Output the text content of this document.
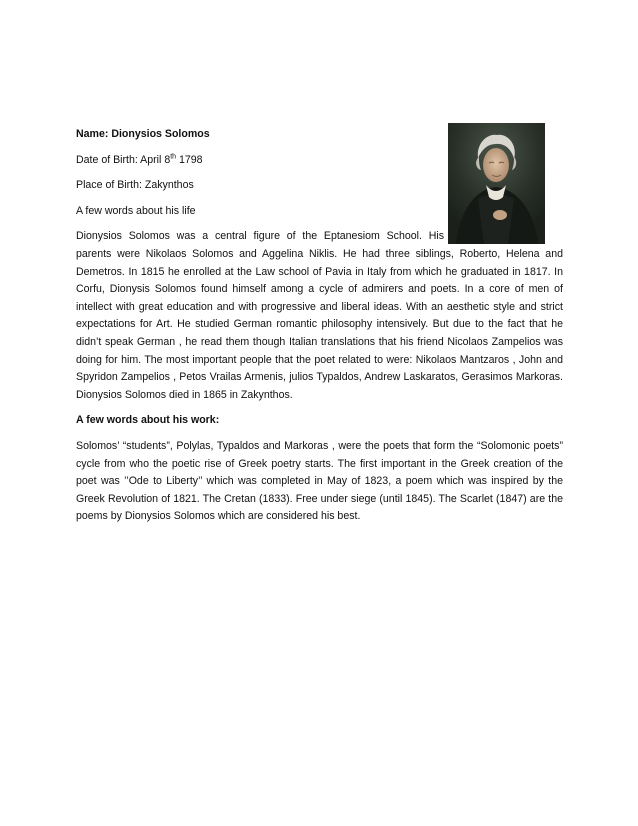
Name: Dionysios Solomos
Date of Birth: April 8th 1798
Place of Birth: Zakynthos
A few words about his life
Dionysios Solomos was a central figure of the Eptanesiom School. His
parents were Nikolaos Solomos and Aggelina Niklis. He had three siblings, Roberto, Helena and Demetros. In 1815 he enrolled at the Law school of Pavia in Italy from which he graduated in 1817. In Corfu, Dionysis Solomos found himself among a cycle of admirers and poets. In a core of men of intellect with great education and with progressive and liberal ideas. With an aesthetic style and strict expectations for Art. He studied German romantic philosophy intensively. But due to the fact that he didn’t speak German , he read them though Italian translations that his friend Nicolaos Zampelios was doing for him. The most important people that the poet related to were: Nikolaos Mantzaros , John and Spyridon Zampelios , Petos Vrailas Armenis, julios Typaldos, Andrew Laskaratos, Gerasimos Markoras. Dionysios Solomos died in 1865 in Zakynthos.
A few words about his work:
Solomos’ “students”, Polylas, Typaldos and Markoras , were the poets that form the “Solomonic poets” cycle from who the poetic rise of Greek poetry starts. The first important in the Greek creation of the poet was ’’Ode to Liberty’’ which was completed in May of 1823, a poem which was inspired by the Greek Revolution of 1821. The Cretan (1833). Free under siege (until 1845). The Scarlet (1847) are the poems by Dionysios Solomos which are considered his best.
